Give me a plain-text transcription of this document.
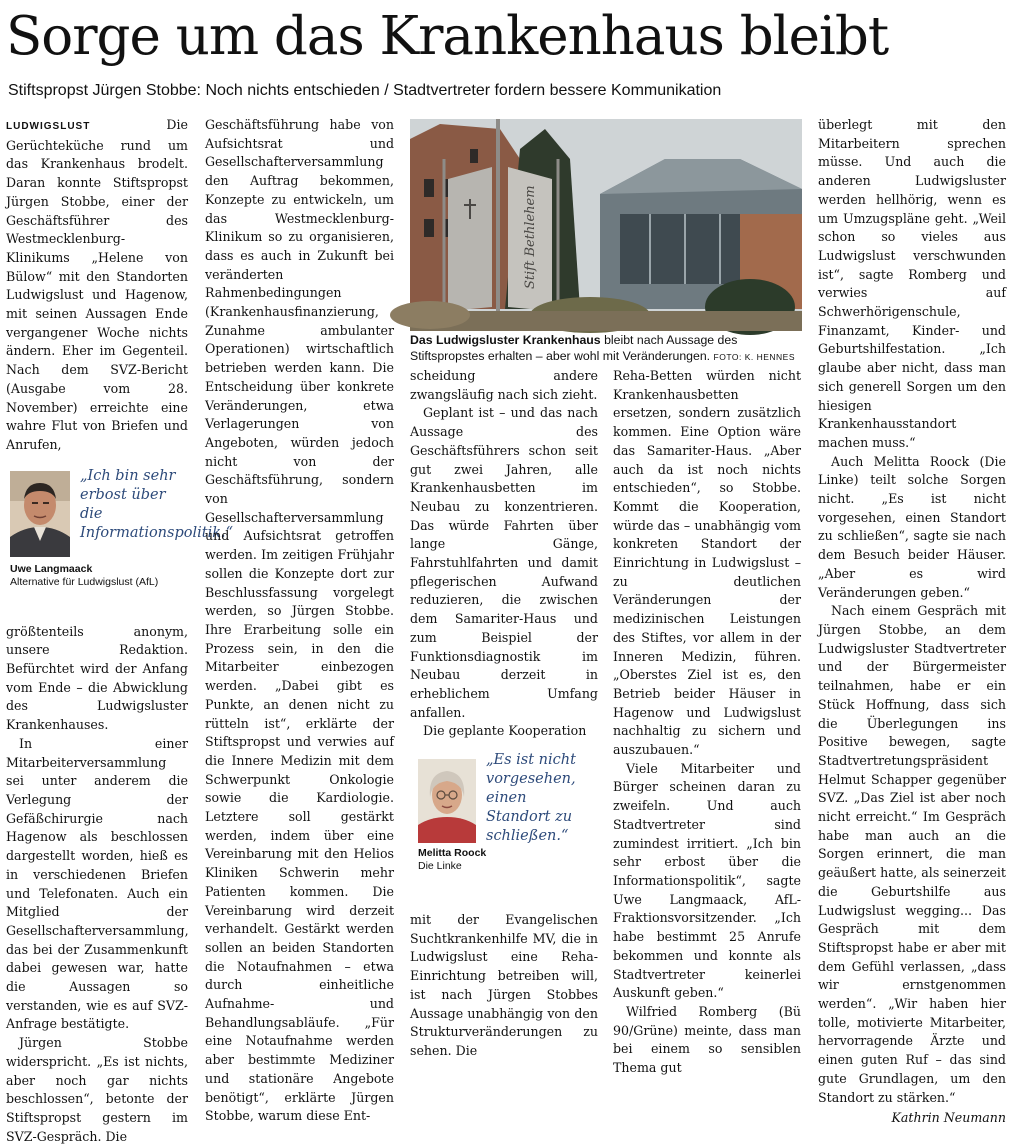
Sorge um das Krankenhaus bleibt
Stiftspropst Jürgen Stobbe: Noch nichts entschieden / Stadtvertreter fordern bessere Kommunikation

LUDWIGSLUST Die Gerüchteküche rund um das Krankenhaus brodelt. Daran konnte Stiftspropst Jürgen Stobbe, einer der Geschäftsführer des Westmecklenburg-Klinikums „Helene von Bülow“ mit den Standorten Ludwigslust und Hagenow, mit seinen Aussagen Ende vergangener Woche nichts ändern. Eher im Gegenteil. Nach dem SVZ-Bericht (Ausgabe vom 28. November) erreichte eine wahre Flut von Briefen und Anrufen,

„Ich bin sehr erbost über die Informationspolitik.“
Uwe Langmaack
Alternative für Ludwigslust (AfL)

größtenteils anonym, unsere Redaktion. Befürchtet wird der Anfang vom Ende – die Abwicklung des Ludwigsluster Krankenhauses.

In einer Mitarbeiterversammlung sei unter anderem die Verlegung der Gefäßchirurgie nach Hagenow als beschlossen dargestellt worden, hieß es in verschiedenen Briefen und Telefonaten. Auch ein Mitglied der Gesellschafterversammlung, das bei der Zusammenkunft dabei gewesen war, hatte die Aussagen so verstanden, wie es auf SVZ-Anfrage bestätigte.

Jürgen Stobbe widerspricht. „Es ist nichts, aber noch gar nichts beschlossen“, betonte der Stiftspropst gestern im SVZ-Gespräch. Die

Geschäftsführung habe von Aufsichtsrat und Gesellschafterversammlung den Auftrag bekommen, Konzepte zu entwickeln, um das Westmecklenburg-Klinikum so zu organisieren, dass es auch in Zukunft bei veränderten Rahmenbedingungen (Krankenhausfinanzierung, Zunahme ambulanter Operationen) wirtschaftlich betrieben werden kann. Die Entscheidung über konkrete Veränderungen, etwa Verlagerungen von Angeboten, würden jedoch nicht von der Geschäftsführung, sondern von Gesellschafterversammlung und Aufsichtsrat getroffen werden. Im zeitigen Frühjahr sollen die Konzepte dort zur Beschlussfassung vorgelegt werden, so Jürgen Stobbe. Ihre Erarbeitung solle ein Prozess sein, in den die Mitarbeiter einbezogen werden. „Dabei gibt es Punkte, an denen nicht zu rütteln ist“, erklärte der Stiftspropst und verwies auf die Innere Medizin mit dem Schwerpunkt Onkologie sowie die Kardiologie. Letztere soll gestärkt werden, indem über eine Vereinbarung mit den Helios Kliniken Schwerin mehr Patienten kommen. Die Vereinbarung wird derzeit verhandelt. Gestärkt werden sollen an beiden Standorten die Notaufnahmen – etwa durch einheitliche Aufnahme- und Behandlungsabläufe. „Für eine Notaufnahme werden aber bestimmte Mediziner und stationäre Angebote benötigt“, erklärte Jürgen Stobbe, warum diese Ent-

Stift Bethlehem
Das Ludwigsluster Krankenhaus bleibt nach Aussage des Stiftspropstes erhalten – aber wohl mit Veränderungen. FOTO: K. HENNES

scheidung andere zwangsläufig nach sich zieht.

Geplant ist – und das nach Aussage des Geschäftsführers schon seit gut zwei Jahren, alle Krankenhausbetten im Neubau zu konzentrieren. Das würde Fahrten über lange Gänge, Fahrstuhlfahrten und damit pflegerischen Aufwand reduzieren, die zwischen dem Samariter-Haus und zum Beispiel der Funktionsdiagnostik im Neubau derzeit in erheblichem Umfang anfallen.

Die geplante Kooperation

„Es ist nicht vorgesehen, einen Standort zu schließen.“
Melitta Roock
Die Linke

mit der Evangelischen Suchtkrankenhilfe MV, die in Ludwigslust eine Reha-Einrichtung betreiben will, ist nach Jürgen Stobbes Aussage unabhängig von den Strukturveränderungen zu sehen. Die

Reha-Betten würden nicht Krankenhausbetten ersetzen, sondern zusätzlich kommen. Eine Option wäre das Samariter-Haus. „Aber auch da ist noch nichts entschieden“, so Stobbe. Kommt die Kooperation, würde das – unabhängig vom konkreten Standort der Einrichtung in Ludwigslust – zu deutlichen Veränderungen der medizinischen Leistungen des Stiftes, vor allem in der Inneren Medizin, führen. „Oberstes Ziel ist es, den Betrieb beider Häuser in Hagenow und Ludwigslust nachhaltig zu sichern und auszubauen.“

Viele Mitarbeiter und Bürger scheinen daran zu zweifeln. Und auch Stadtvertreter sind zumindest irritiert. „Ich bin sehr erbost über die Informationspolitik“, sagte Uwe Langmaack, AfL-Fraktionsvorsitzender. „Ich habe bestimmt 25 Anrufe bekommen und konnte als Stadtvertreter keinerlei Auskunft geben.“

Wilfried Romberg (Bü 90/Grüne) meinte, dass man bei einem so sensiblen Thema gut

überlegt mit den Mitarbeitern sprechen müsse. Und auch die anderen Ludwigsluster werden hellhörig, wenn es um Umzugspläne geht. „Weil schon so vieles aus Ludwigslust verschwunden ist“, sagte Romberg und verwies auf Schwerhörigenschule, Finanzamt, Kinder- und Geburtshilfestation. „Ich glaube aber nicht, dass man sich generell Sorgen um den hiesigen Krankenhausstandort machen muss.“

Auch Melitta Roock (Die Linke) teilt solche Sorgen nicht. „Es ist nicht vorgesehen, einen Standort zu schließen“, sagte sie nach dem Besuch beider Häuser. „Aber es wird Veränderungen geben.“

Nach einem Gespräch mit Jürgen Stobbe, an dem Ludwigsluster Stadtvertreter und der Bürgermeister teilnahmen, habe er ein Stück Hoffnung, dass sich die Überlegungen ins Positive bewegen, sagte Stadtvertretungspräsident Helmut Schapper gegenüber SVZ. „Das Ziel ist aber noch nicht erreicht.“ Im Gespräch habe man auch an die Sorgen erinnert, die man geäußert hatte, als seinerzeit die Geburtshilfe aus Ludwigslust wegging... Das Gespräch mit dem Stiftspropst habe er aber mit dem Gefühl verlassen, „dass wir ernstgenommen werden“. „Wir haben hier tolle, motivierte Mitarbeiter, hervorragende Ärzte und einen guten Ruf – das sind gute Grundlagen, um den Standort zu stärken.“

Kathrin Neumann
